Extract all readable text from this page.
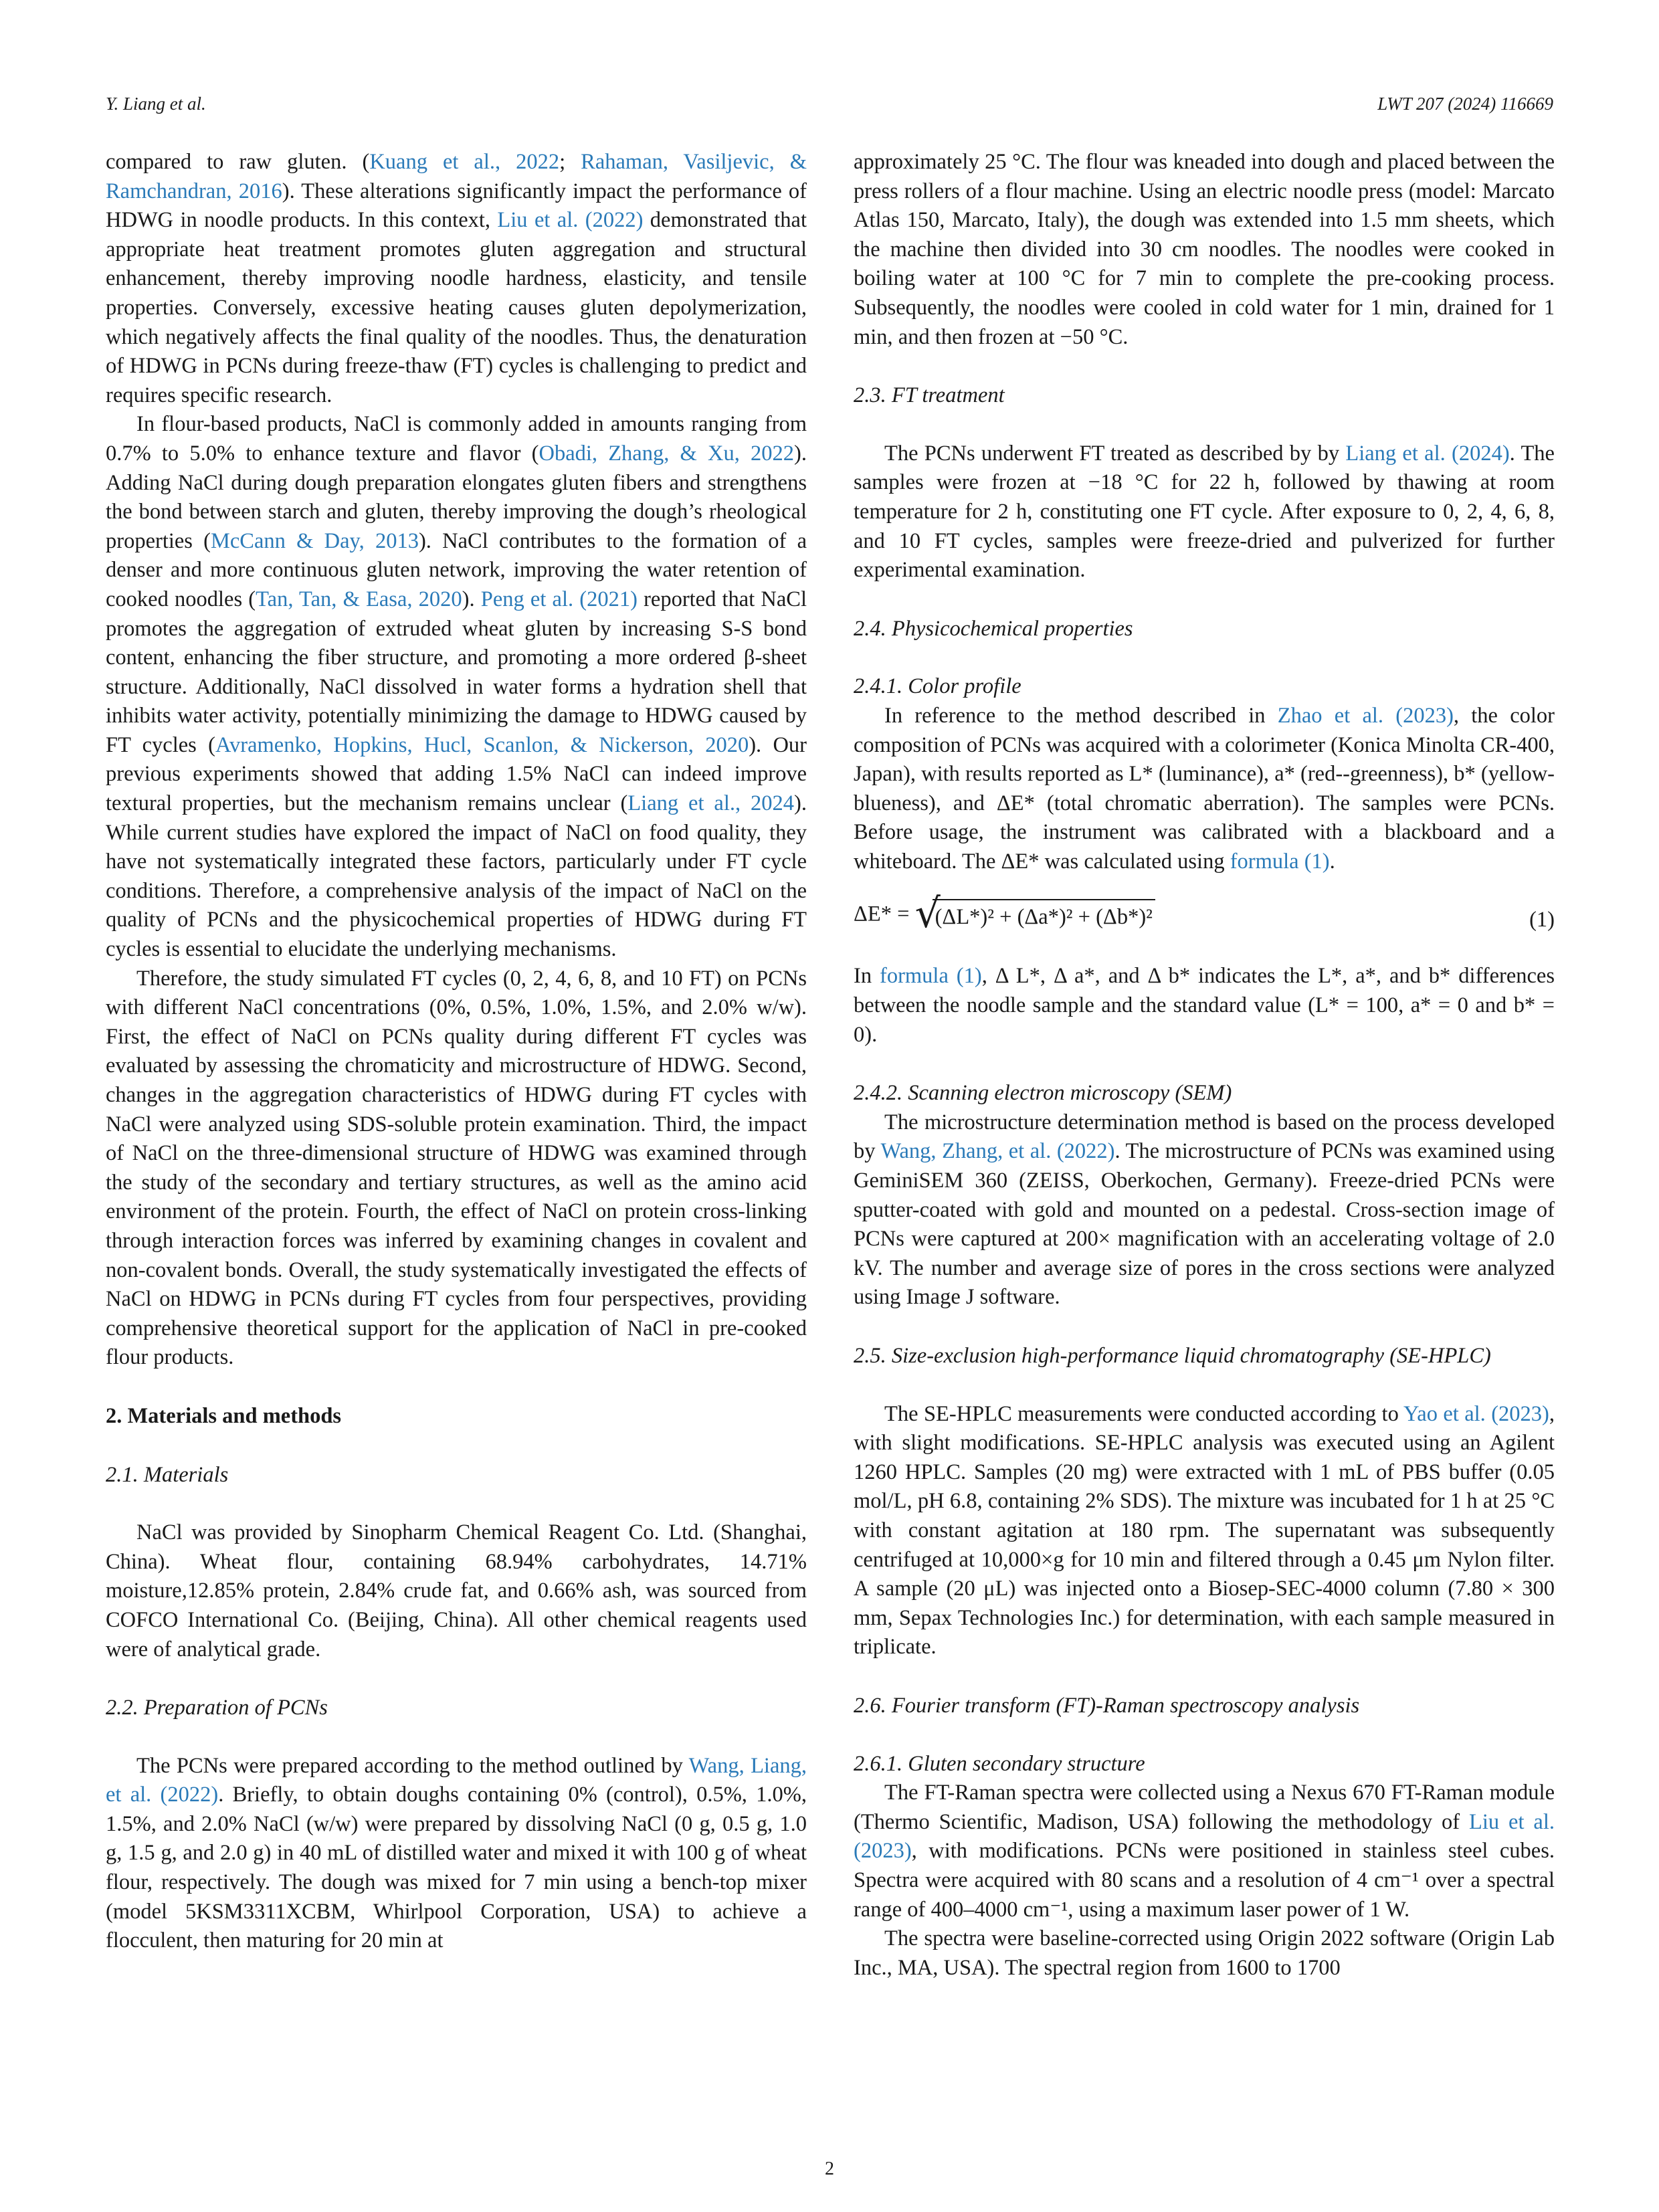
Y. Liang et al.	LWT 207 (2024) 116669

compared to raw gluten. (Kuang et al., 2022; Rahaman, Vasiljevic, & Ramchandran, 2016). These alterations significantly impact the performance of HDWG in noodle products. In this context, Liu et al. (2022) demonstrated that appropriate heat treatment promotes gluten aggregation and structural enhancement, thereby improving noodle hardness, elasticity, and tensile properties. Conversely, excessive heating causes gluten depolymerization, which negatively affects the final quality of the noodles. Thus, the denaturation of HDWG in PCNs during freeze-thaw (FT) cycles is challenging to predict and requires specific research.

In flour-based products, NaCl is commonly added in amounts ranging from 0.7% to 5.0% to enhance texture and flavor (Obadi, Zhang, & Xu, 2022). Adding NaCl during dough preparation elongates gluten fibers and strengthens the bond between starch and gluten, thereby improving the dough’s rheological properties (McCann & Day, 2013). NaCl contributes to the formation of a denser and more continuous gluten network, improving the water retention of cooked noodles (Tan, Tan, & Easa, 2020). Peng et al. (2021) reported that NaCl promotes the aggregation of extruded wheat gluten by increasing S-S bond content, enhancing the fiber structure, and promoting a more ordered β-sheet structure. Additionally, NaCl dissolved in water forms a hydration shell that inhibits water activity, potentially minimizing the damage to HDWG caused by FT cycles (Avramenko, Hopkins, Hucl, Scanlon, & Nickerson, 2020). Our previous experiments showed that adding 1.5% NaCl can indeed improve textural properties, but the mechanism remains unclear (Liang et al., 2024). While current studies have explored the impact of NaCl on food quality, they have not systematically integrated these factors, particularly under FT cycle conditions. Therefore, a comprehensive analysis of the impact of NaCl on the quality of PCNs and the physicochemical properties of HDWG during FT cycles is essential to elucidate the underlying mechanisms.

Therefore, the study simulated FT cycles (0, 2, 4, 6, 8, and 10 FT) on PCNs with different NaCl concentrations (0%, 0.5%, 1.0%, 1.5%, and 2.0% w/w). First, the effect of NaCl on PCNs quality during different FT cycles was evaluated by assessing the chromaticity and microstructure of HDWG. Second, changes in the aggregation characteristics of HDWG during FT cycles with NaCl were analyzed using SDS-soluble protein examination. Third, the impact of NaCl on the three-dimensional structure of HDWG was examined through the study of the secondary and tertiary structures, as well as the amino acid environment of the protein. Fourth, the effect of NaCl on protein cross-linking through interaction forces was inferred by examining changes in covalent and non-covalent bonds. Overall, the study systematically investigated the effects of NaCl on HDWG in PCNs during FT cycles from four perspectives, providing comprehensive theoretical support for the application of NaCl in pre-cooked flour products.

2. Materials and methods
2.1. Materials

NaCl was provided by Sinopharm Chemical Reagent Co. Ltd. (Shanghai, China). Wheat flour, containing 68.94% carbohydrates, 14.71% moisture,12.85% protein, 2.84% crude fat, and 0.66% ash, was sourced from COFCO International Co. (Beijing, China). All other chemical reagents used were of analytical grade.

2.2. Preparation of PCNs

The PCNs were prepared according to the method outlined by Wang, Liang, et al. (2022). Briefly, to obtain doughs containing 0% (control), 0.5%, 1.0%, 1.5%, and 2.0% NaCl (w/w) were prepared by dissolving NaCl (0 g, 0.5 g, 1.0 g, 1.5 g, and 2.0 g) in 40 mL of distilled water and mixed it with 100 g of wheat flour, respectively. The dough was mixed for 7 min using a bench-top mixer (model 5KSM3311XCBM, Whirlpool Corporation, USA) to achieve a flocculent, then maturing for 20 min at

approximately 25 °C. The flour was kneaded into dough and placed between the press rollers of a flour machine. Using an electric noodle press (model: Marcato Atlas 150, Marcato, Italy), the dough was extended into 1.5 mm sheets, which the machine then divided into 30 cm noodles. The noodles were cooked in boiling water at 100 °C for 7 min to complete the pre-cooking process. Subsequently, the noodles were cooled in cold water for 1 min, drained for 1 min, and then frozen at −50 °C.

2.3. FT treatment

The PCNs underwent FT treated as described by by Liang et al. (2024). The samples were frozen at −18 °C for 22 h, followed by thawing at room temperature for 2 h, constituting one FT cycle. After exposure to 0, 2, 4, 6, 8, and 10 FT cycles, samples were freeze-dried and pulverized for further experimental examination.

2.4. Physicochemical properties
2.4.1. Color profile

In reference to the method described in Zhao et al. (2023), the color composition of PCNs was acquired with a colorimeter (Konica Minolta CR-400, Japan), with results reported as L* (luminance), a* (red--greenness), b* (yellow-blueness), and ΔE* (total chromatic aberration). The samples were PCNs. Before usage, the instrument was calibrated with a blackboard and a whiteboard. The ΔE* was calculated using formula (1).

ΔE* = √
(ΔL*)² + (Δa*)² + (Δb*)²	(1)

In formula (1), Δ L*, Δ a*, and Δ b* indicates the L*, a*, and b* differences between the noodle sample and the standard value (L* = 100, a* = 0 and b* = 0).

2.4.2. Scanning electron microscopy (SEM)

The microstructure determination method is based on the process developed by Wang, Zhang, et al. (2022). The microstructure of PCNs was examined using GeminiSEM 360 (ZEISS, Oberkochen, Germany). Freeze-dried PCNs were sputter-coated with gold and mounted on a pedestal. Cross-section image of PCNs were captured at 200× magnification with an accelerating voltage of 2.0 kV. The number and average size of pores in the cross sections were analyzed using Image J software.

2.5. Size-exclusion high-performance liquid chromatography (SE-HPLC)

The SE-HPLC measurements were conducted according to Yao et al. (2023), with slight modifications. SE-HPLC analysis was executed using an Agilent 1260 HPLC. Samples (20 mg) were extracted with 1 mL of PBS buffer (0.05 mol/L, pH 6.8, containing 2% SDS). The mixture was incubated for 1 h at 25 °C with constant agitation at 180 rpm. The supernatant was subsequently centrifuged at 10,000×g for 10 min and filtered through a 0.45 μm Nylon filter. A sample (20 μL) was injected onto a Biosep-SEC-4000 column (7.80 × 300 mm, Sepax Technologies Inc.) for determination, with each sample measured in triplicate.

2.6. Fourier transform (FT)-Raman spectroscopy analysis
2.6.1. Gluten secondary structure

The FT-Raman spectra were collected using a Nexus 670 FT-Raman module (Thermo Scientific, Madison, USA) following the methodology of Liu et al. (2023), with modifications. PCNs were positioned in stainless steel cubes. Spectra were acquired with 80 scans and a resolution of 4 cm⁻¹ over a spectral range of 400–4000 cm⁻¹, using a maximum laser power of 1 W.

The spectra were baseline-corrected using Origin 2022 software (Origin Lab Inc., MA, USA). The spectral region from 1600 to 1700

2
